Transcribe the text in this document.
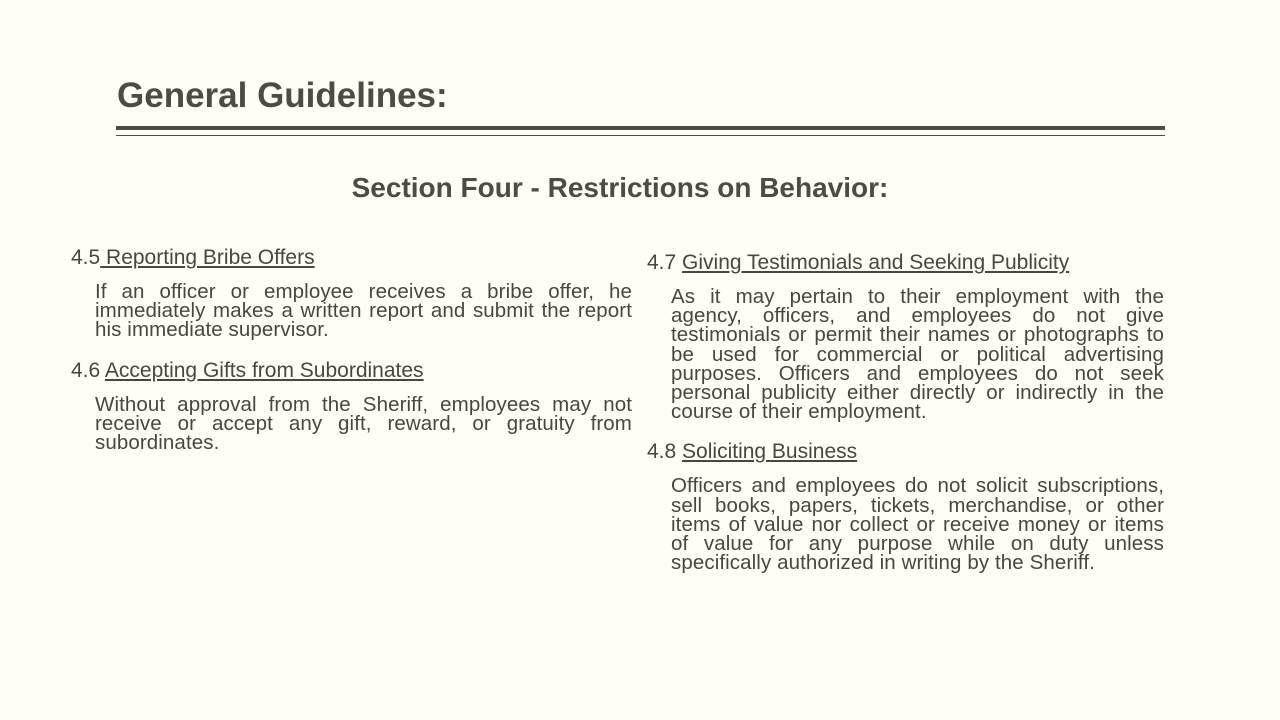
General Guidelines:
Section Four - Restrictions on Behavior:

4.5 Reporting Bribe Offers

If an officer or employee receives a bribe offer, he immediately makes a written report and submit the report his immediate supervisor.

4.6 Accepting Gifts from Subordinates

Without approval from the Sheriff, employees may not receive or accept any gift, reward, or gratuity from subordinates.

4.7 Giving Testimonials and Seeking Publicity

As it may pertain to their employment with the agency, officers, and employees do not give testimonials or permit their names or photographs to be used for commercial or political advertising purposes. Officers and employees do not seek personal publicity either directly or indirectly in the course of their employment.

4.8 Soliciting Business

Officers and employees do not solicit subscriptions, sell books, papers, tickets, merchandise, or other items of value nor collect or receive money or items of value for any purpose while on duty unless specifically authorized in writing by the Sheriff.
